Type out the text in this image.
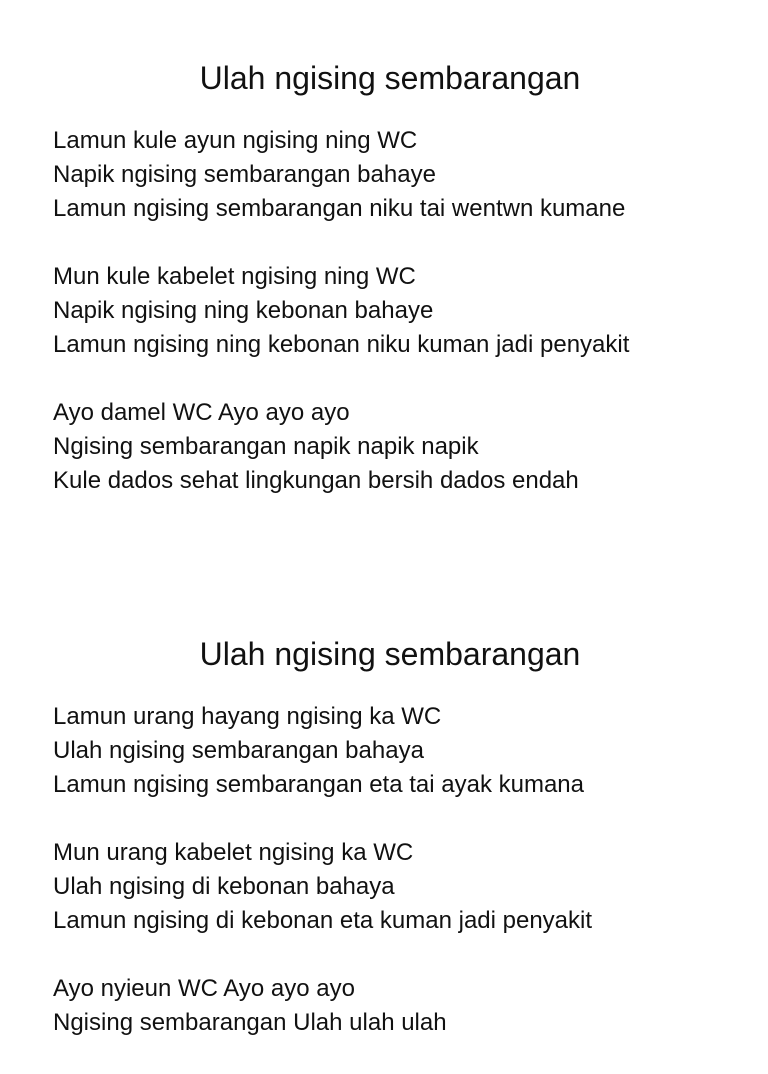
Ulah ngising sembarangan
Lamun kule ayun ngising ning WC
Napik ngising sembarangan bahaye
Lamun ngising sembarangan niku tai wentwn kumane
Mun kule kabelet ngising ning WC
Napik ngising ning kebonan bahaye
Lamun ngising ning kebonan niku kuman jadi penyakit
Ayo damel WC Ayo ayo ayo
Ngising sembarangan napik napik napik
Kule dados sehat lingkungan bersih dados endah
Ulah ngising sembarangan
Lamun urang hayang ngising ka WC
Ulah ngising sembarangan bahaya
Lamun ngising sembarangan eta tai ayak kumana
Mun urang kabelet ngising ka WC
Ulah ngising di kebonan bahaya
Lamun ngising di kebonan eta kuman jadi penyakit
Ayo nyieun WC Ayo ayo ayo
Ngising sembarangan Ulah ulah ulah
